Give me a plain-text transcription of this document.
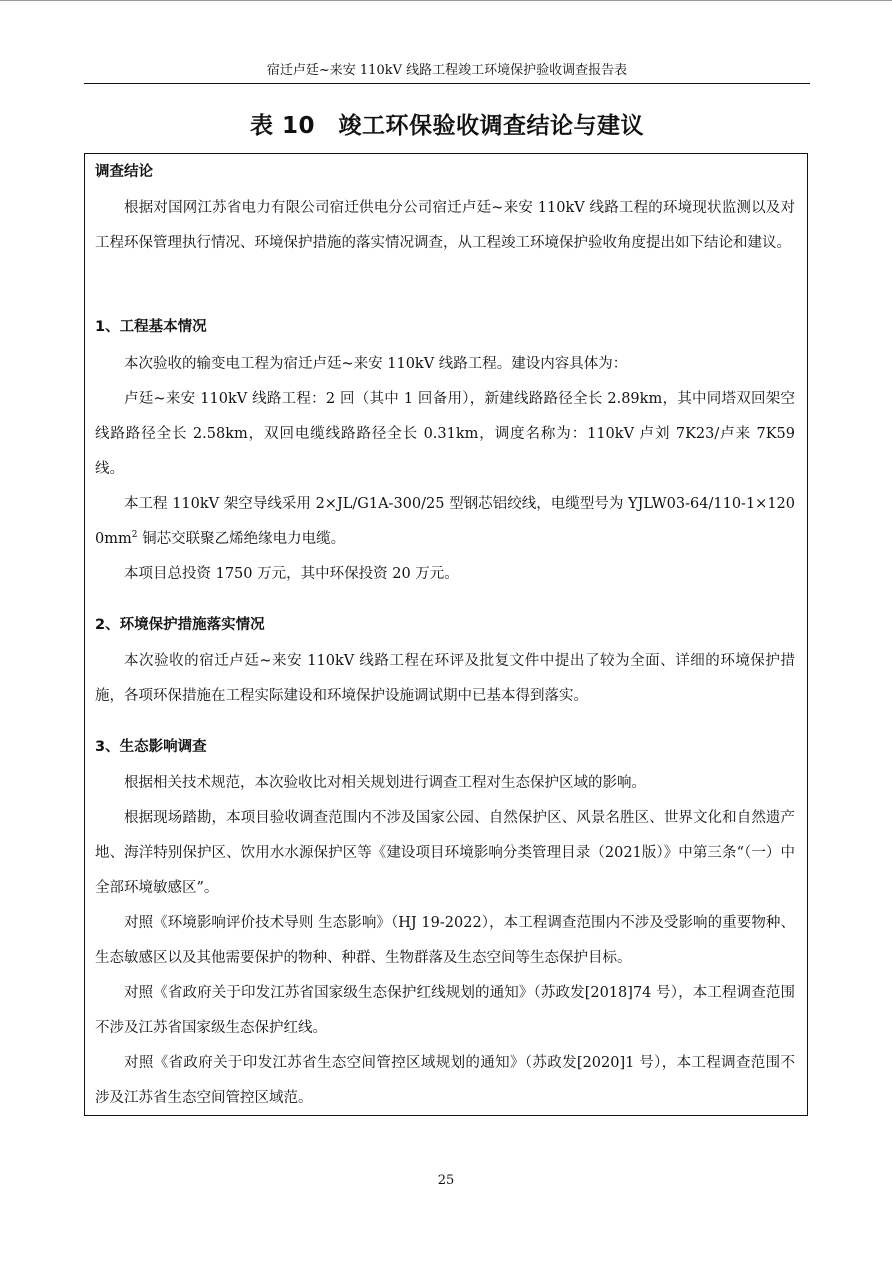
宿迁卢廷~来安 110kV 线路工程竣工环境保护验收调查报告表
表 10　竣工环保验收调查结论与建议
调查结论
根据对国网江苏省电力有限公司宿迁供电分公司宿迁卢廷~来安 110kV 线路工程的环境现状监测以及对工程环保管理执行情况、环境保护措施的落实情况调查，从工程竣工环境保护验收角度提出如下结论和建议。
1、工程基本情况
本次验收的输变电工程为宿迁卢廷~来安 110kV 线路工程。建设内容具体为：
卢廷~来安 110kV 线路工程：2 回（其中 1 回备用），新建线路路径全长 2.89km，其中同塔双回架空线路路径全长 2.58km，双回电缆线路路径全长 0.31km，调度名称为：110kV 卢刘 7K23/卢来 7K59 线。
本工程 110kV 架空导线采用 2×JL/G1A-300/25 型钢芯铝绞线，电缆型号为 $YJLW03-64/110-1\times 1200mm^2$ 铜芯交联聚乙烯绝缘电力电缆。
本项目总投资 1750 万元，其中环保投资 20 万元。
2、环境保护措施落实情况
本次验收的宿迁卢廷~来安 110kV 线路工程在环评及批复文件中提出了较为全面、详细的环境保护措施，各项环保措施在工程实际建设和环境保护设施调试期中已基本得到落实。
3、生态影响调查
根据相关技术规范，本次验收比对相关规划进行调查工程对生态保护区域的影响。
根据现场踏勘，本项目验收调查范围内不涉及国家公园、自然保护区、风景名胜区、世界文化和自然遗产地、海洋特别保护区、饮用水水源保护区等《建设项目环境影响分类管理目录（2021版）》中第三条“（一）中全部环境敏感区”。
对照《环境影响评价技术导则 生态影响》（HJ 19-2022），本工程调查范围内不涉及受影响的重要物种、生态敏感区以及其他需要保护的物种、种群、生物群落及生态空间等生态保护目标。
对照《省政府关于印发江苏省国家级生态保护红线规划的通知》（苏政发[2018]74 号），本工程调查范围不涉及江苏省国家级生态保护红线。
对照《省政府关于印发江苏省生态空间管控区域规划的通知》（苏政发[2020]1 号），本工程调查范围不涉及江苏省生态空间管控区域范。
25
